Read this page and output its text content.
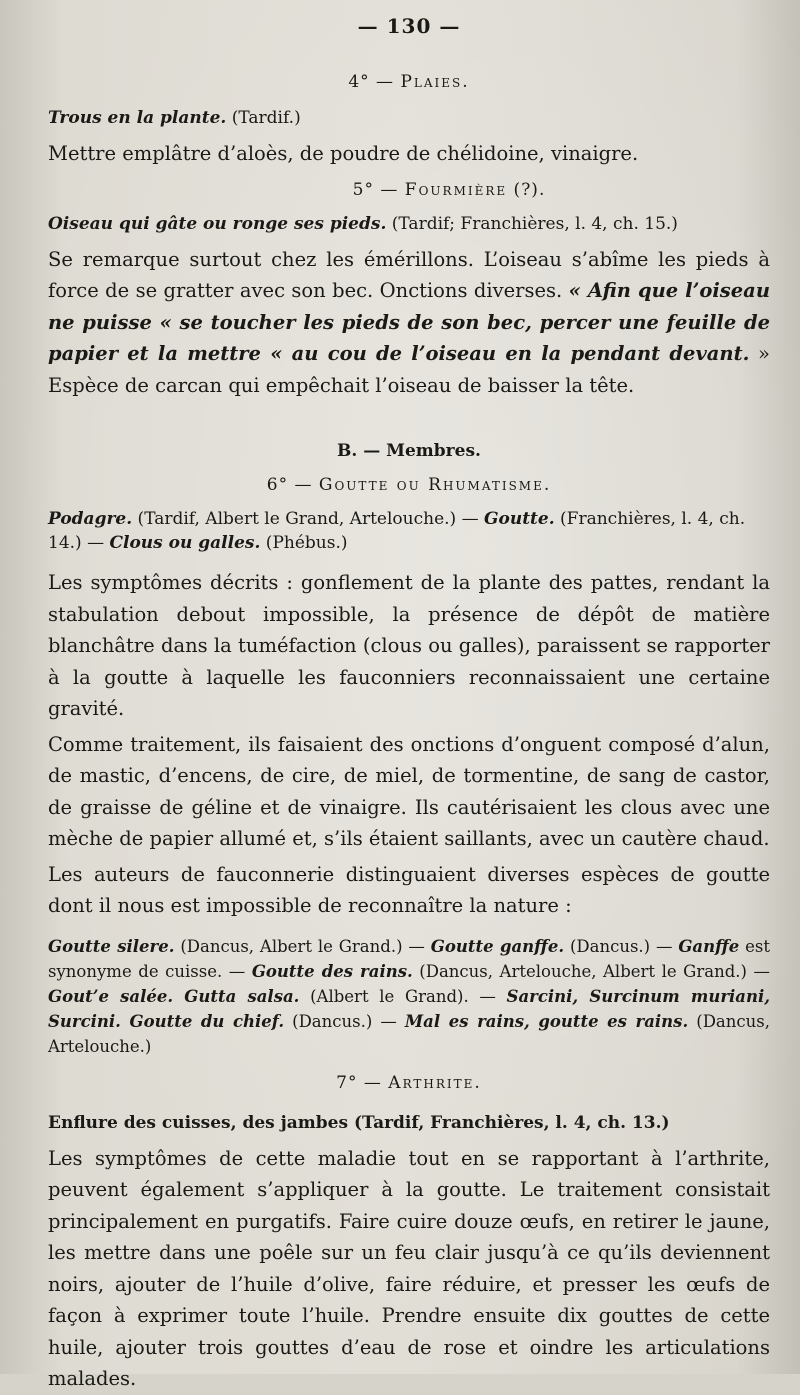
— 130 —
4° — Plaies.

Trous en la plante. (Tardif.)

Mettre emplâtre d’aloès, de poudre de chélidoine, vinaigre.

5° — Fourmière (?).

Oiseau qui gâte ou ronge ses pieds. (Tardif; Franchières, l. 4, ch. 15.)

Se remarque surtout chez les émérillons. L’oiseau s’abîme les pieds à force de se gratter avec son bec. Onctions diverses. « Afin que l’oiseau ne puisse « se toucher les pieds de son bec, percer une feuille de papier et la mettre « au cou de l’oiseau en la pendant devant. » Espèce de carcan qui empêchait l’oiseau de baisser la tête.

B. — Membres.
6° — Goutte ou Rhumatisme.

Podagre. (Tardif, Albert le Grand, Artelouche.) — Goutte. (Franchières, l. 4, ch. 14.) — Clous ou galles. (Phébus.)

Les symptômes décrits : gonflement de la plante des pattes, rendant la stabulation debout impossible, la présence de dépôt de matière blanchâtre dans la tuméfaction (clous ou galles), paraissent se rapporter à la goutte à laquelle les fauconniers reconnaissaient une certaine gravité.

Comme traitement, ils faisaient des onctions d’onguent composé d’alun, de mastic, d’encens, de cire, de miel, de tormentine, de sang de castor, de graisse de géline et de vinaigre. Ils cautérisaient les clous avec une mèche de papier allumé et, s’ils étaient saillants, avec un cautère chaud.

Les auteurs de fauconnerie distinguaient diverses espèces de goutte dont il nous est impossible de reconnaître la nature :

Goutte silere. (Dancus, Albert le Grand.) — Goutte ganffe. (Dancus.) — Ganffe est synonyme de cuisse. — Goutte des rains. (Dancus, Artelouche, Albert le Grand.) — Gout’e salée. Gutta salsa. (Albert le Grand). — Sarcini, Surcinum muriani, Surcini. Goutte du chief. (Dancus.) — Mal es rains, goutte es rains. (Dancus, Artelouche.)

7° — Arthrite.

Enflure des cuisses, des jambes (Tardif, Franchières, l. 4, ch. 13.)

Les symptômes de cette maladie tout en se rapportant à l’arthrite, peuvent également s’appliquer à la goutte. Le traitement consistait principalement en purgatifs. Faire cuire douze œufs, en retirer le jaune, les mettre dans une poêle sur un feu clair jusqu’à ce qu’ils deviennent noirs, ajouter de l’huile d’olive, faire réduire, et presser les œufs de façon à exprimer toute l’huile. Prendre ensuite dix gouttes de cette huile, ajouter trois gouttes d’eau de rose et oindre les articulations malades.
